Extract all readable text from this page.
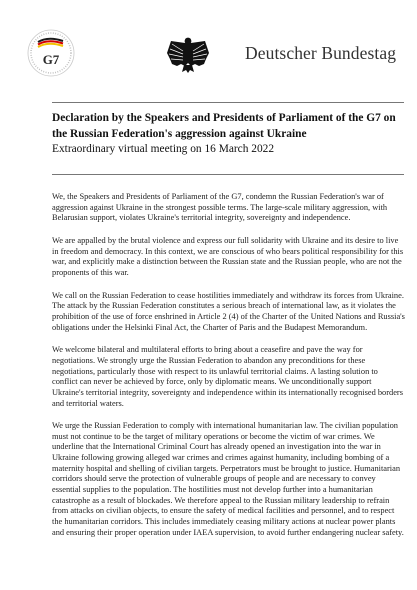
G7	Deutscher Bundestag
Declaration by the Speakers and Presidents of Parliament of the G7 on the Russian Federation's aggression against Ukraine
Extraordinary virtual meeting on 16 March 2022

We, the Speakers and Presidents of Parliament of the G7, condemn the Russian Federation's war of aggression against Ukraine in the strongest possible terms. The large-scale military aggression, with Belarusian support, violates Ukraine's territorial integrity, sovereignty and independence.

We are appalled by the brutal violence and express our full solidarity with Ukraine and its desire to live in freedom and democracy. In this context, we are conscious of who bears political responsibility for this war, and explicitly make a distinction between the Russian state and the Russian people, who are not the proponents of this war.

We call on the Russian Federation to cease hostilities immediately and withdraw its forces from Ukraine. The attack by the Russian Federation constitutes a serious breach of international law, as it violates the prohibition of the use of force enshrined in Article 2 (4) of the Charter of the United Nations and Russia's obligations under the Helsinki Final Act, the Charter of Paris and the Budapest Memorandum.

We welcome bilateral and multilateral efforts to bring about a ceasefire and pave the way for negotiations. We strongly urge the Russian Federation to abandon any preconditions for these negotiations, particularly those with respect to its unlawful territorial claims. A lasting solution to conflict can never be achieved by force, only by diplomatic means. We unconditionally support Ukraine's territorial integrity, sovereignty and independence within its internationally recognised borders and territorial waters.

We urge the Russian Federation to comply with international humanitarian law. The civilian population must not continue to be the target of military operations or become the victim of war crimes. We underline that the International Criminal Court has already opened an investigation into the war in Ukraine following growing alleged war crimes and crimes against humanity, including bombing of a maternity hospital and shelling of civilian targets. Perpetrators must be brought to justice. Humanitarian corridors should serve the protection of vulnerable groups of people and are necessary to convey essential supplies to the population. The hostilities must not develop further into a humanitarian catastrophe as a result of blockades. We therefore appeal to the Russian military leadership to refrain from attacks on civilian objects, to ensure the safety of medical facilities and personnel, and to respect the humanitarian corridors. This includes immediately ceasing military actions at nuclear power plants and ensuring their proper operation under IAEA supervision, to avoid further endangering nuclear safety.
